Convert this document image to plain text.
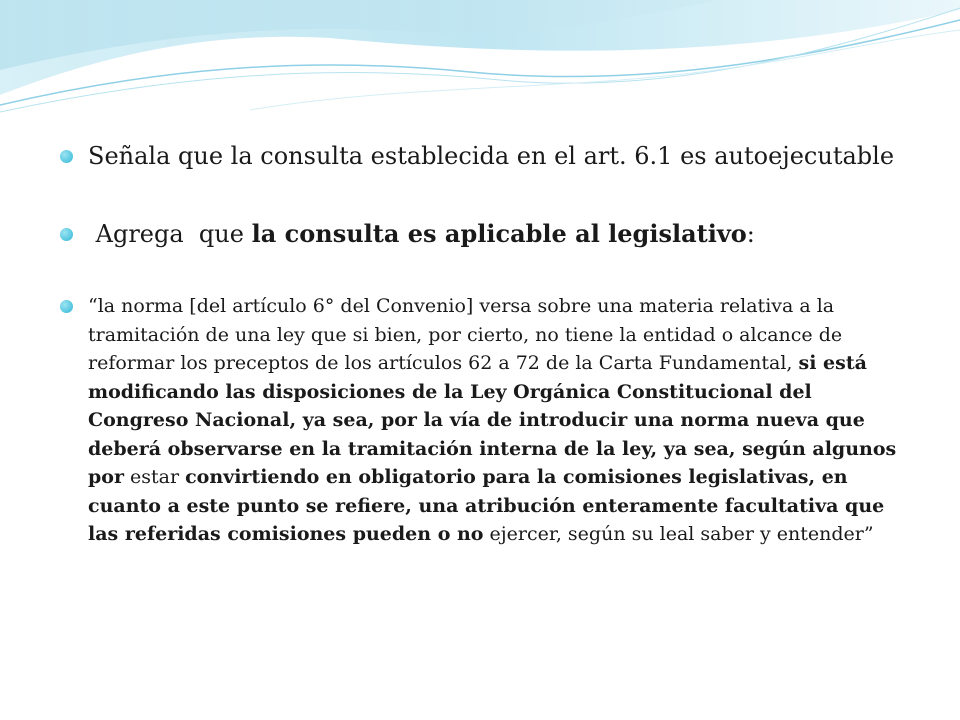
Señala que la consulta establecida en el art. 6.1 es autoejecutable
Agrega  que la consulta es aplicable al legislativo:
“la norma [del artículo 6° del Convenio] versa sobre una materia relativa a la tramitación de una ley que si bien, por cierto, no tiene la entidad o alcance de reformar los preceptos de los artículos 62 a 72 de la Carta Fundamental, si está modificando las disposiciones de la Ley Orgánica Constitucional del Congreso Nacional, ya sea, por la vía de introducir una norma nueva que deberá observarse en la tramitación interna de la ley, ya sea, según algunos por estar convirtiendo en obligatorio para la comisiones legislativas, en cuanto a este punto se refiere, una atribución enteramente facultativa que las referidas comisiones pueden o no ejercer, según su leal saber y entender”
